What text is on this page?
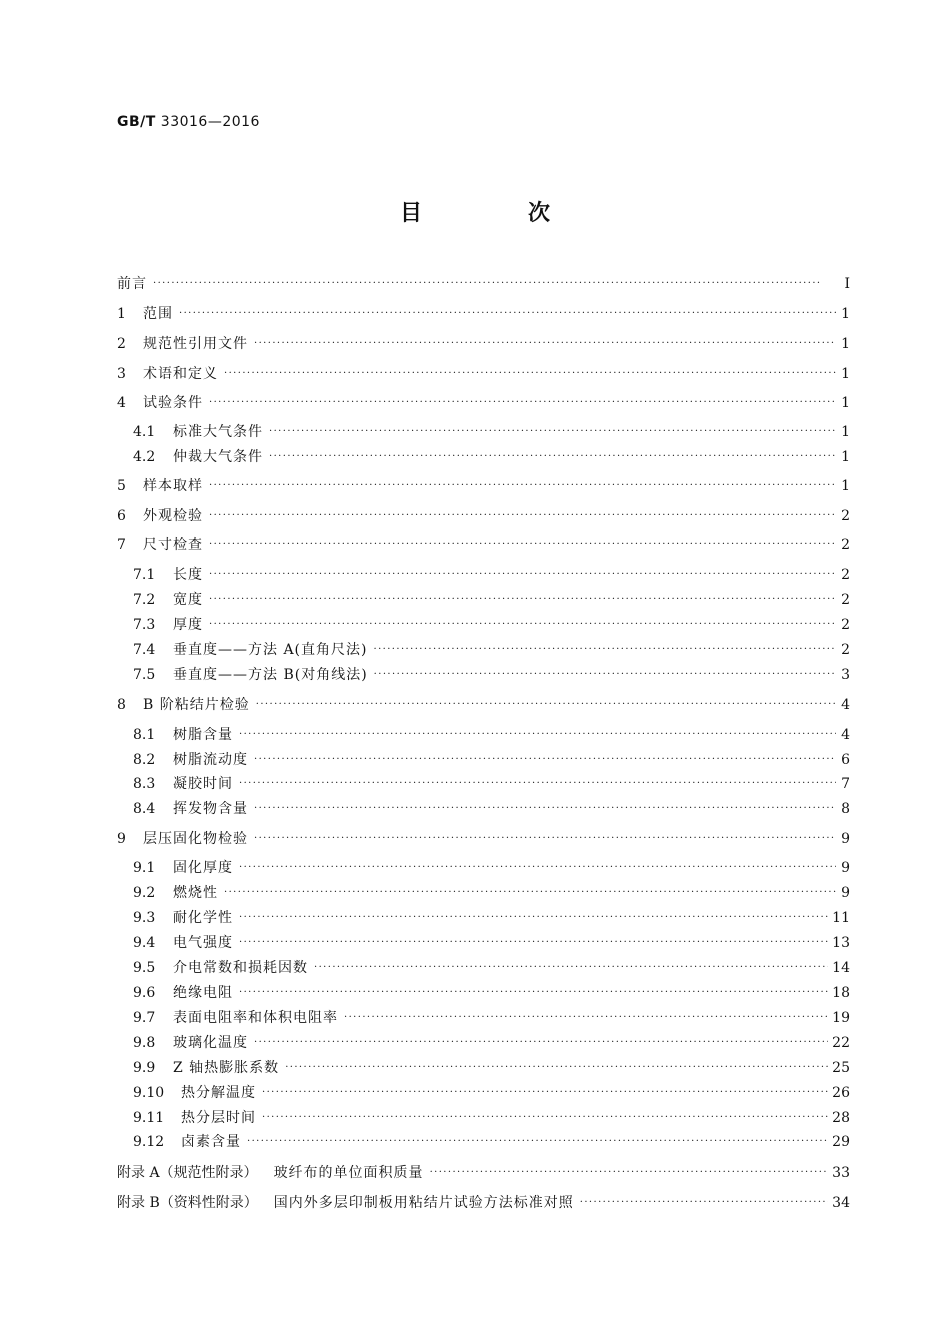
GB/T 33016—2016
目　次
前言 ·····	Ⅰ
1	范围 ·····	1
2	规范性引用文件 ·····	1
3	术语和定义 ·····	1
4	试验条件 ·····	1
4.1	标准大气条件 ·····	1
4.2	仲裁大气条件 ·····	1
5	样本取样 ·····	1
6	外观检验 ·····	2
7	尺寸检查 ·····	2
7.1	长度 ·····	2
7.2	宽度 ·····	2
7.3	厚度 ·····	2
7.4	垂直度——方法 A(直角尺法) ·····	2
7.5	垂直度——方法 B(对角线法) ·····	3
8	B 阶粘结片检验 ·····	4
8.1	树脂含量 ·····	4
8.2	树脂流动度 ·····	6
8.3	凝胶时间 ·····	7
8.4	挥发物含量 ·····	8
9	层压固化物检验 ·····	9
9.1	固化厚度 ·····	9
9.2	燃烧性 ·····	9
9.3	耐化学性 ·····	11
9.4	电气强度 ·····	13
9.5	介电常数和损耗因数 ·····	14
9.6	绝缘电阻 ·····	18
9.7	表面电阻率和体积电阻率 ·····	19
9.8	玻璃化温度 ·····	22
9.9	Z 轴热膨胀系数 ·····	25
9.10	热分解温度 ·····	26
9.11	热分层时间 ·····	28
9.12	卤素含量 ·····	29
附录 A（规范性附录） 玻纤布的单位面积质量 ·····	33
附录 B（资料性附录） 国内外多层印制板用粘结片试验方法标准对照 ·····	34
